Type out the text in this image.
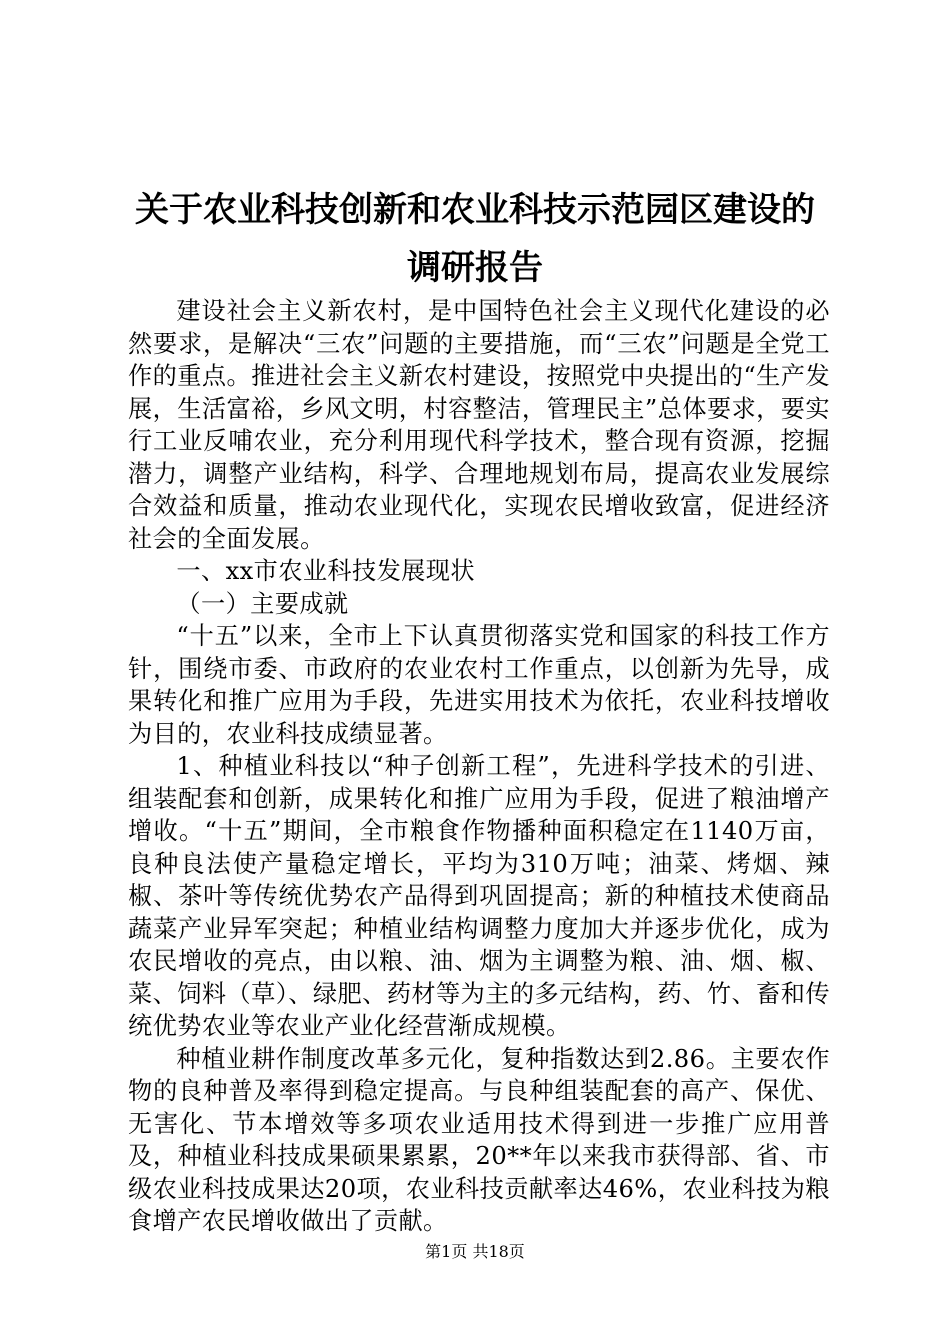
关于农业科技创新和农业科技示范园区建设的
调研报告

建设社会主义新农村，是中国特色社会主义现代化建设的必然要求，是解决“三农”问题的主要措施，而“三农”问题是全党工作的重点。推进社会主义新农村建设，按照党中央提出的“生产发展，生活富裕，乡风文明，村容整洁，管理民主”总体要求，要实行工业反哺农业，充分利用现代科学技术，整合现有资源，挖掘潜力，调整产业结构，科学、合理地规划布局，提高农业发展综合效益和质量，推动农业现代化，实现农民增收致富，促进经济社会的全面发展。

一、xx市农业科技发展现状

（一）主要成就

“十五”以来，全市上下认真贯彻落实党和国家的科技工作方针，围绕市委、市政府的农业农村工作重点，以创新为先导，成果转化和推广应用为手段，先进实用技术为依托，农业科技增收为目的，农业科技成绩显著。

1、种植业科技以“种子创新工程”，先进科学技术的引进、组装配套和创新，成果转化和推广应用为手段，促进了粮油增产增收。“十五”期间，全市粮食作物播种面积稳定在1140万亩，良种良法使产量稳定增长，平均为310万吨；油菜、烤烟、辣椒、茶叶等传统优势农产品得到巩固提高；新的种植技术使商品蔬菜产业异军突起；种植业结构调整力度加大并逐步优化，成为农民增收的亮点，由以粮、油、烟为主调整为粮、油、烟、椒、菜、饲料（草）、绿肥、药材等为主的多元结构，药、竹、畜和传统优势农业等农业产业化经营渐成规模。

种植业耕作制度改革多元化，复种指数达到2.86。主要农作物的良种普及率得到稳定提高。与良种组装配套的高产、保优、无害化、节本增效等多项农业适用技术得到进一步推广应用普及，种植业科技成果硕果累累，20**年以来我市获得部、省、市级农业科技成果达20项，农业科技贡献率达46%，农业科技为粮食增产农民增收做出了贡献。

第1页 共18页
